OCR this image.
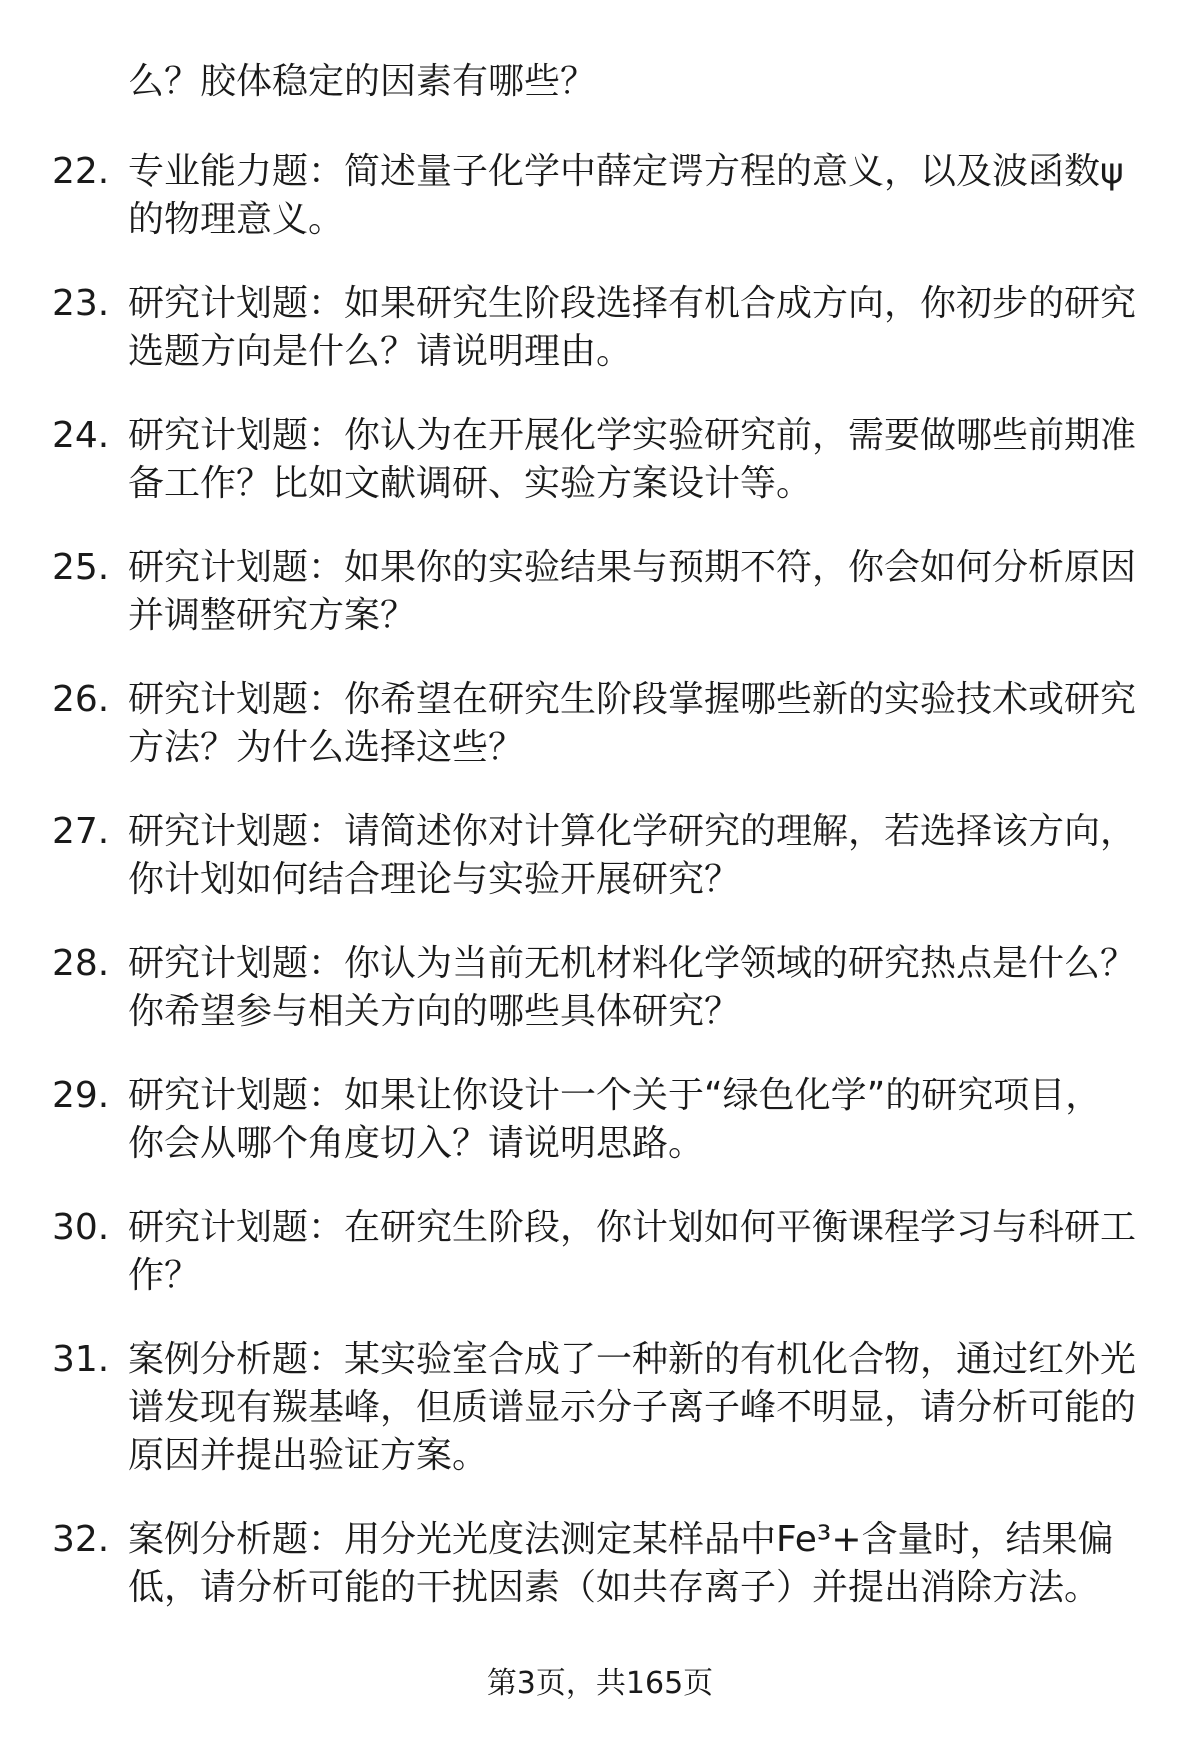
么？胶体稳定的因素有哪些？
22. 专业能力题：简述量子化学中薛定谔方程的意义，以及波函数ψ
的物理意义。
23. 研究计划题：如果研究生阶段选择有机合成方向，你初步的研究
选题方向是什么？请说明理由。
24. 研究计划题：你认为在开展化学实验研究前，需要做哪些前期准
备工作？比如文献调研、实验方案设计等。
25. 研究计划题：如果你的实验结果与预期不符，你会如何分析原因
并调整研究方案？
26. 研究计划题：你希望在研究生阶段掌握哪些新的实验技术或研究
方法？为什么选择这些？
27. 研究计划题：请简述你对计算化学研究的理解，若选择该方向，
你计划如何结合理论与实验开展研究？
28. 研究计划题：你认为当前无机材料化学领域的研究热点是什么？
你希望参与相关方向的哪些具体研究？
29. 研究计划题：如果让你设计一个关于“绿色化学”的研究项目，
你会从哪个角度切入？请说明思路。
30. 研究计划题：在研究生阶段，你计划如何平衡课程学习与科研工
作？
31. 案例分析题：某实验室合成了一种新的有机化合物，通过红外光
谱发现有羰基峰，但质谱显示分子离子峰不明显，请分析可能的
原因并提出验证方案。
32. 案例分析题：用分光光度法测定某样品中Fe³+含量时，结果偏
低，请分析可能的干扰因素（如共存离子）并提出消除方法。
第3页，共165页
